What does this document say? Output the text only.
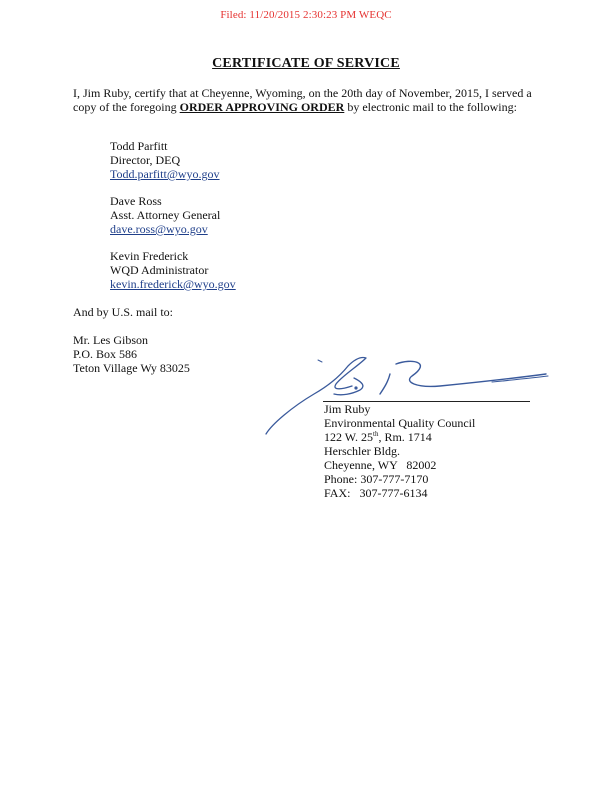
Filed: 11/20/2015 2:30:23 PM WEQC
CERTIFICATE OF SERVICE
I, Jim Ruby, certify that at Cheyenne, Wyoming, on the 20th day of November, 2015, I served a
copy of the foregoing ORDER APPROVING ORDER by electronic mail to the following:
Todd Parfitt
Director, DEQ
Todd.parfitt@wyo.gov
Dave Ross
Asst. Attorney General
dave.ross@wyo.gov
Kevin Frederick
WQD Administrator
kevin.frederick@wyo.gov
And by U.S. mail to:
Mr. Les Gibson
P.O. Box 586
Teton Village Wy 83025
Jim Ruby
Environmental Quality Council
122 W. 25th, Rm. 1714
Herschler Bldg.
Cheyenne, WY   82002
Phone: 307-777-7170
FAX:   307-777-6134
